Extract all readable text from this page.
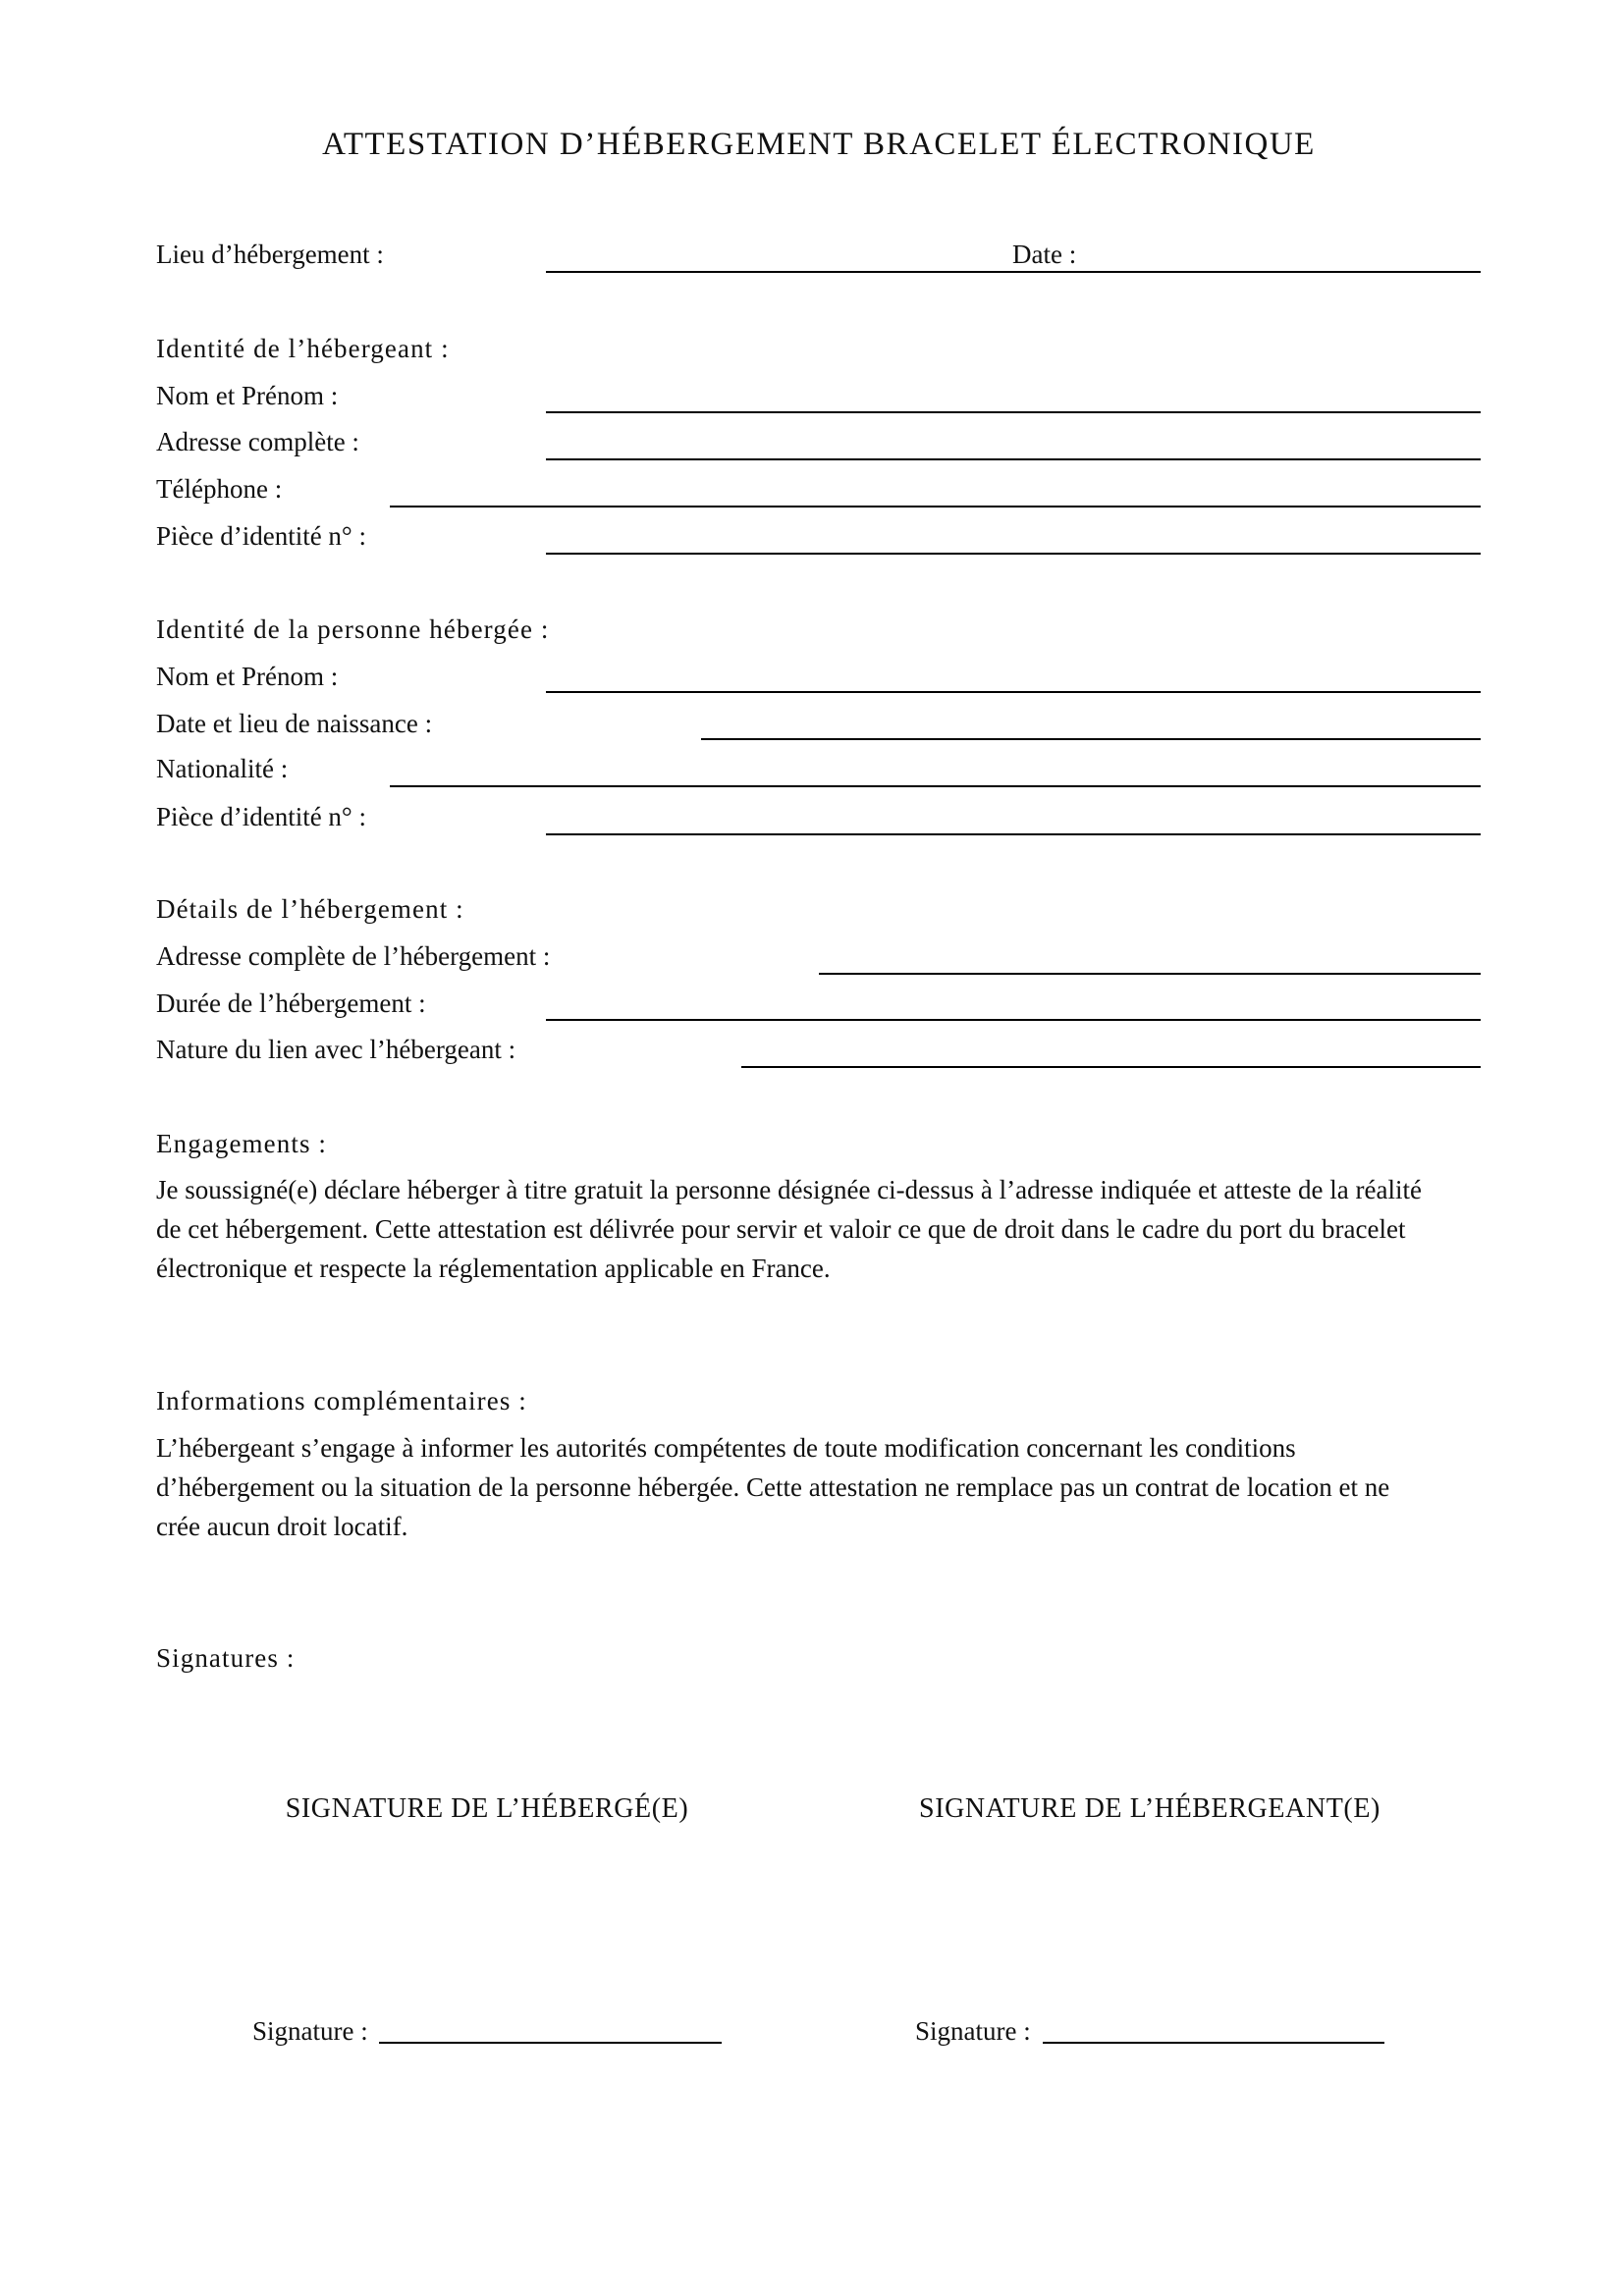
ATTESTATION D’HÉBERGEMENT BRACELET ÉLECTRONIQUE
Lieu d’hébergement :	Date :
Identité de l’hébergeant :
Nom et Prénom :
Adresse complète :
Téléphone :
Pièce d’identité n° :
Identité de la personne hébergée :
Nom et Prénom :
Date et lieu de naissance :
Nationalité :
Pièce d’identité n° :
Détails de l’hébergement :
Adresse complète de l’hébergement :
Durée de l’hébergement :
Nature du lien avec l’hébergeant :
Engagements :
Je soussigné(e) déclare héberger à titre gratuit la personne désignée ci-dessus à l’adresse indiquée et atteste de la réalité
de cet hébergement. Cette attestation est délivrée pour servir et valoir ce que de droit dans le cadre du port du bracelet
électronique et respecte la réglementation applicable en France.
Informations complémentaires :
L’hébergeant s’engage à informer les autorités compétentes de toute modification concernant les conditions
d’hébergement ou la situation de la personne hébergée. Cette attestation ne remplace pas un contrat de location et ne
crée aucun droit locatif.
Signatures :
SIGNATURE DE L’HÉBERGÉ(E)	SIGNATURE DE L’HÉBERGEANT(E)
Signature :	Signature :
